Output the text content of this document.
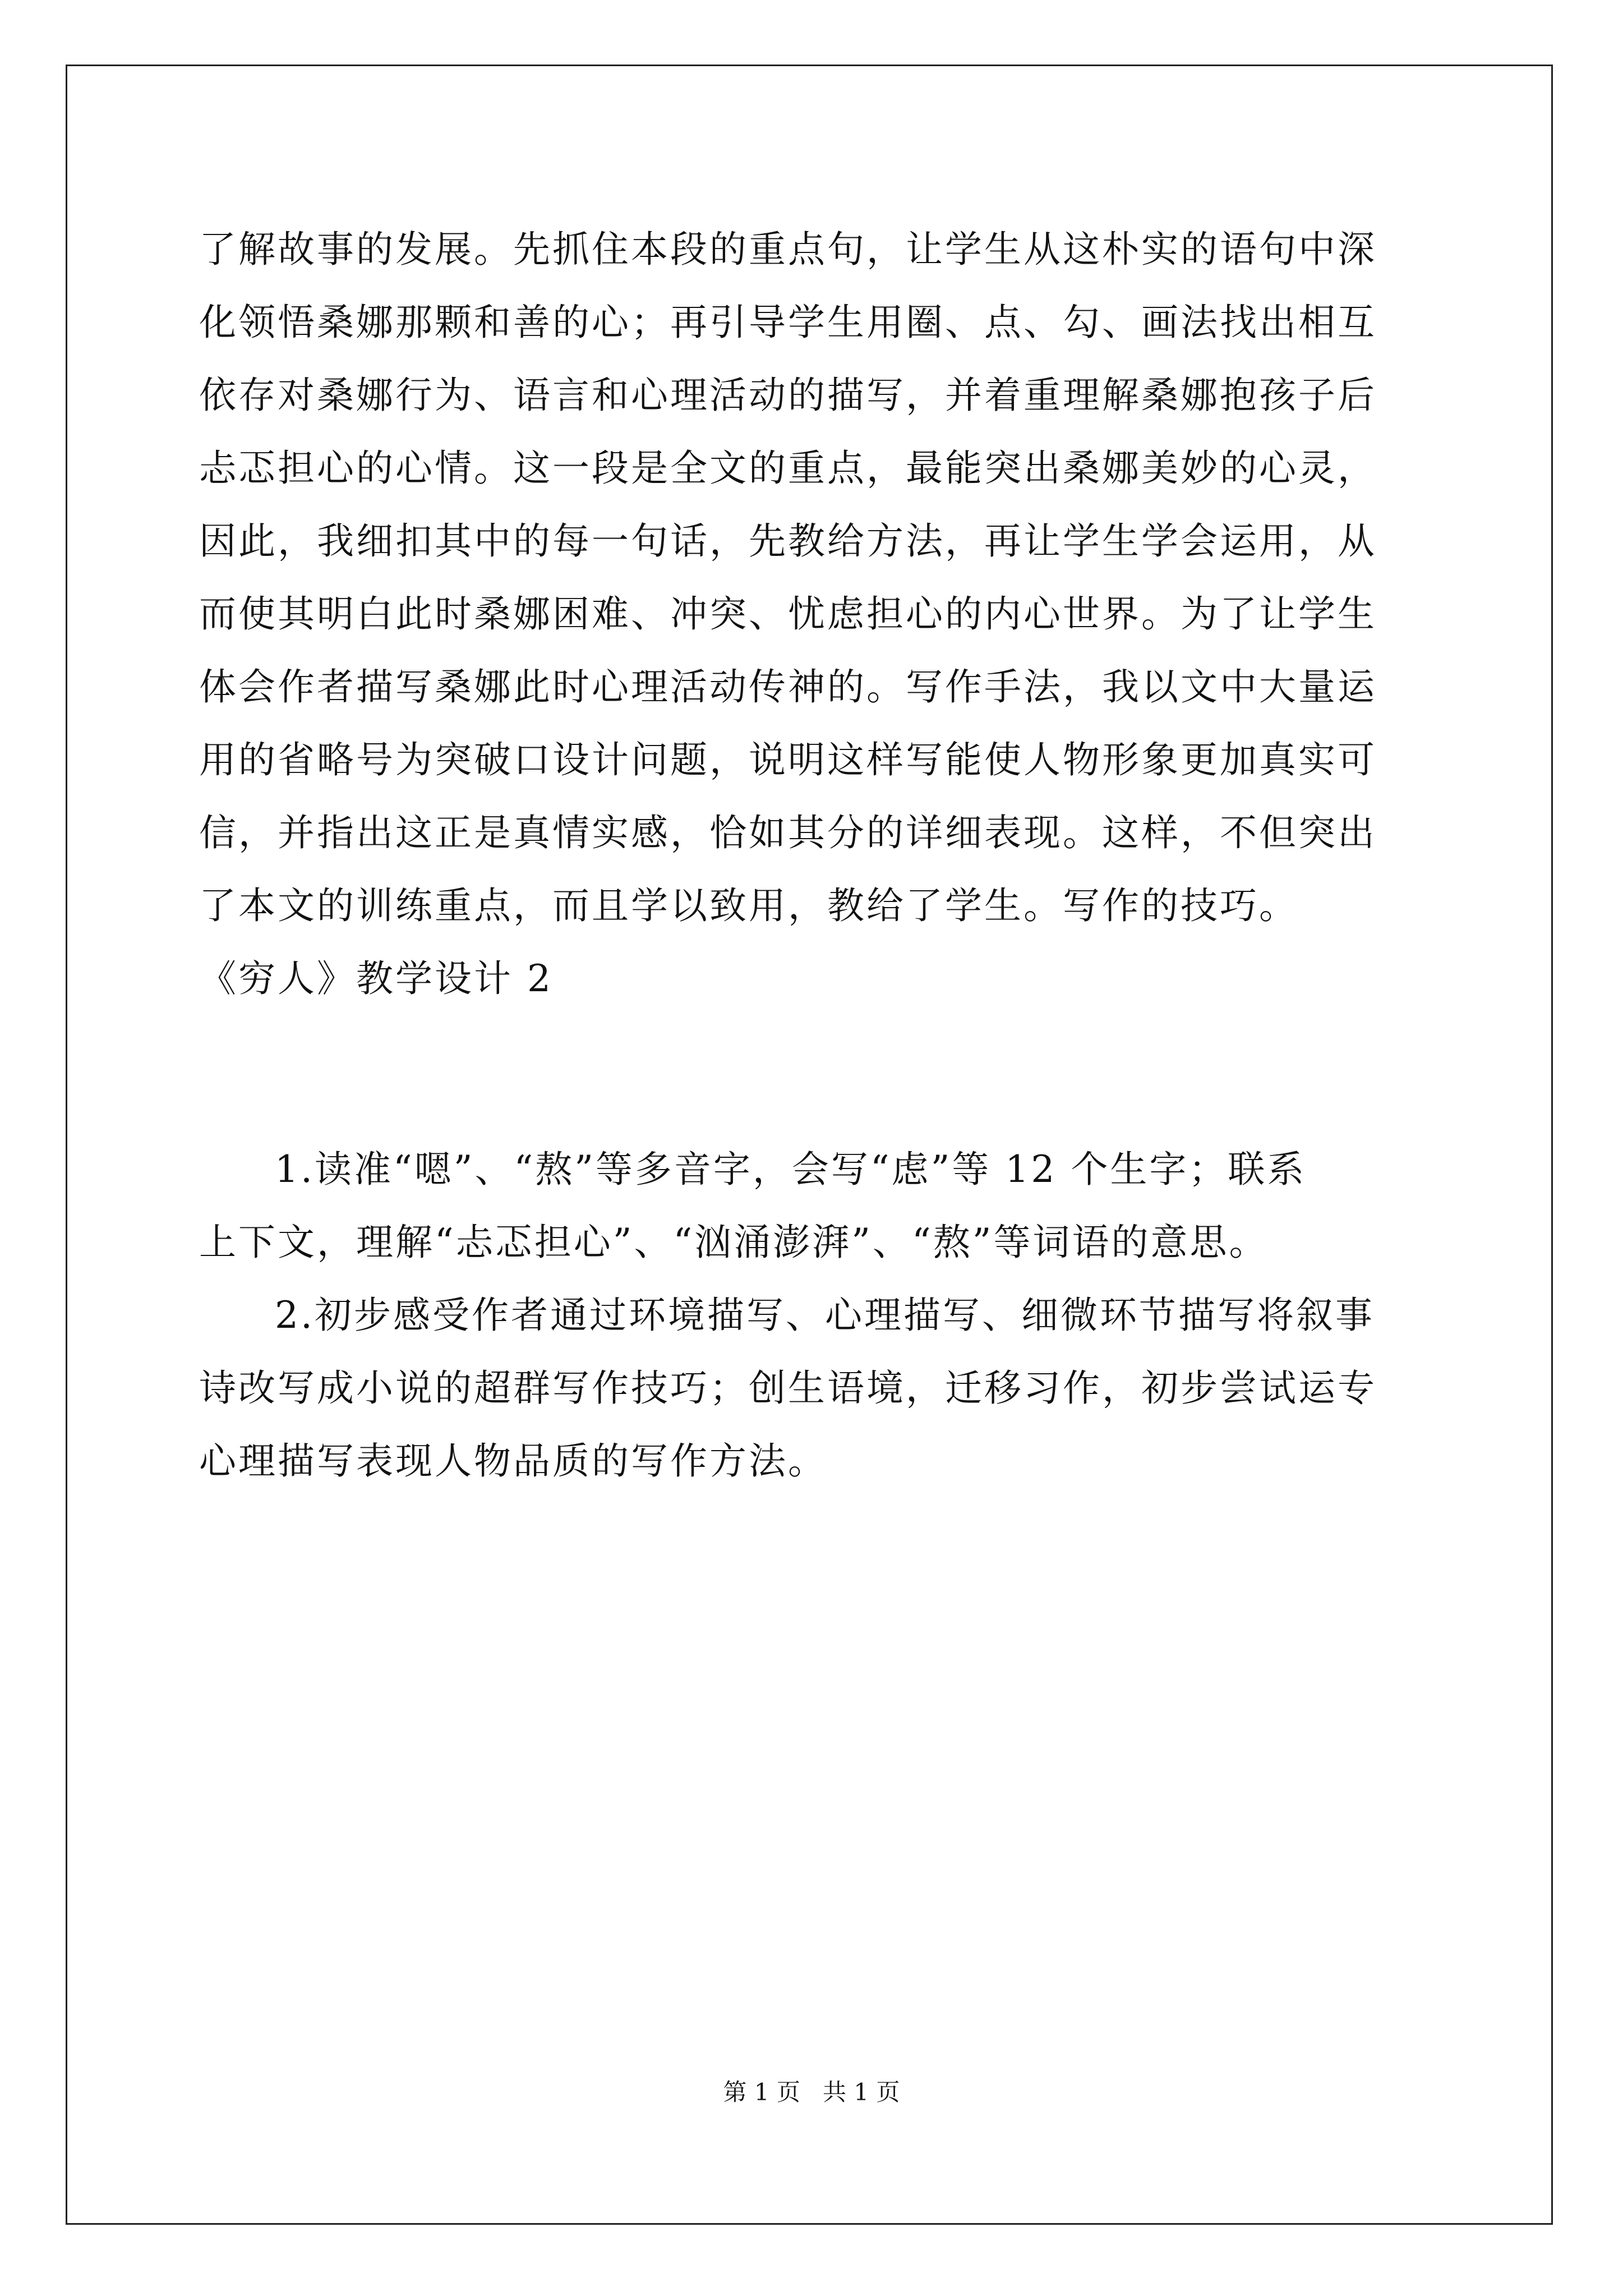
了解故事的发展。先抓住本段的重点句，让学生从这朴实的语句中深
化领悟桑娜那颗和善的心；再引导学生用圈、点、勾、画法找出相互
依存对桑娜行为、语言和心理活动的描写，并着重理解桑娜抱孩子后
忐忑担心的心情。这一段是全文的重点，最能突出桑娜美妙的心灵，
因此，我细扣其中的每一句话，先教给方法，再让学生学会运用，从
而使其明白此时桑娜困难、冲突、忧虑担心的内心世界。为了让学生
体会作者描写桑娜此时心理活动传神的。写作手法，我以文中大量运
用的省略号为突破口设计问题，说明这样写能使人物形象更加真实可
信，并指出这正是真情实感，恰如其分的详细表现。这样，不但突出
了本文的训练重点，而且学以致用，教给了学生。写作的技巧。
《穷人》教学设计 2
1.读准“嗯”、“熬”等多音字，会写“虑”等 12 个生字；联系
上下文，理解“忐忑担心”、“汹涌澎湃”、“熬”等词语的意思。
2.初步感受作者通过环境描写、心理描写、细微环节描写将叙事
诗改写成小说的超群写作技巧；创生语境，迁移习作，初步尝试运专
心理描写表现人物品质的写作方法。
第 1 页   共 1 页
